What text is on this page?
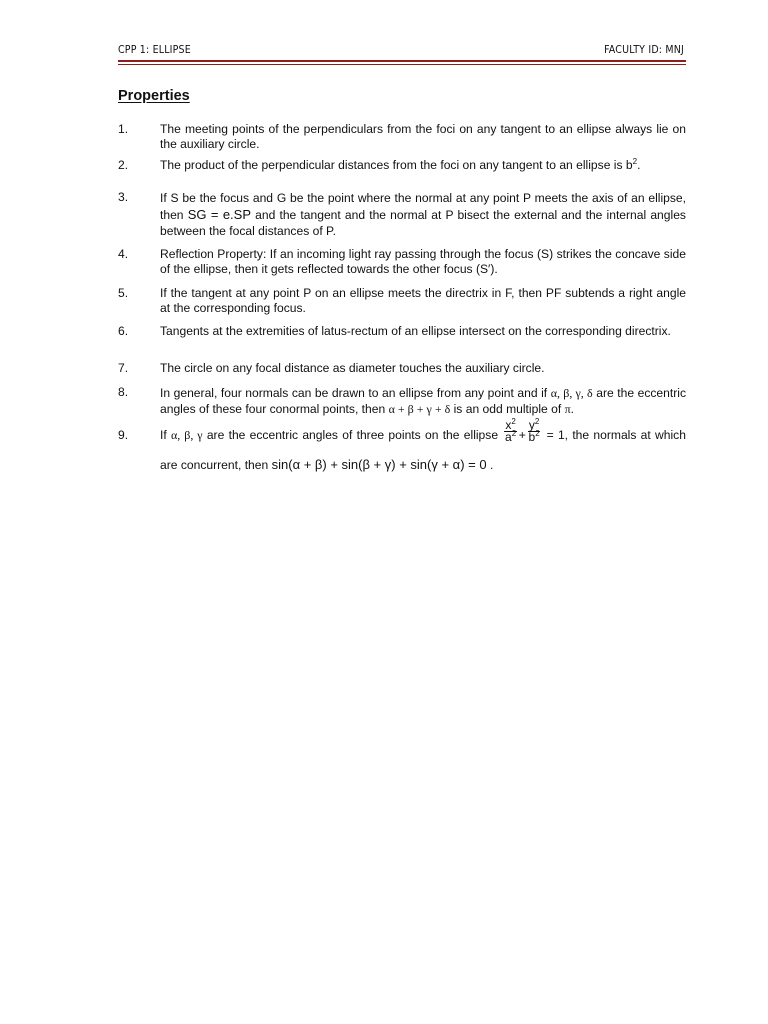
CPP 1: ELLIPSE	FACULTY ID: MNJ
Properties
1.	The meeting points of the perpendiculars from the foci on any tangent to an ellipse always lie on the auxiliary circle.
2.	The product of the perpendicular distances from the foci on any tangent to an ellipse is $b^2$.
3.	If S be the focus and G be the point where the normal at any point P meets the axis of an ellipse, then SG = e.SP and the tangent and the normal at P bisect the external and the internal angles between the focal distances of P.
4.	Reflection Property: If an incoming light ray passing through the focus (S) strikes the concave side of the ellipse, then it gets reflected towards the other focus (S′).
5.	If the tangent at any point P on an ellipse meets the directrix in F, then PF subtends a right angle at the corresponding focus.
6.	Tangents at the extremities of latus-rectum of an ellipse intersect on the corresponding directrix.
7.	The circle on any focal distance as diameter touches the auxiliary circle.
8.	In general, four normals can be drawn to an ellipse from any point and if α, β, γ, δ are the eccentric angles of these four conormal points, then α + β + γ + δ is an odd multiple of π.
9.	If α, β, γ are the eccentric angles of three points on the ellipse $\frac{x^2}{a^2} + \frac{y^2}{b^2} = 1$, the normals at which are concurrent, then sin(α + β) + sin(β + γ) + sin(γ + α) = 0 .
